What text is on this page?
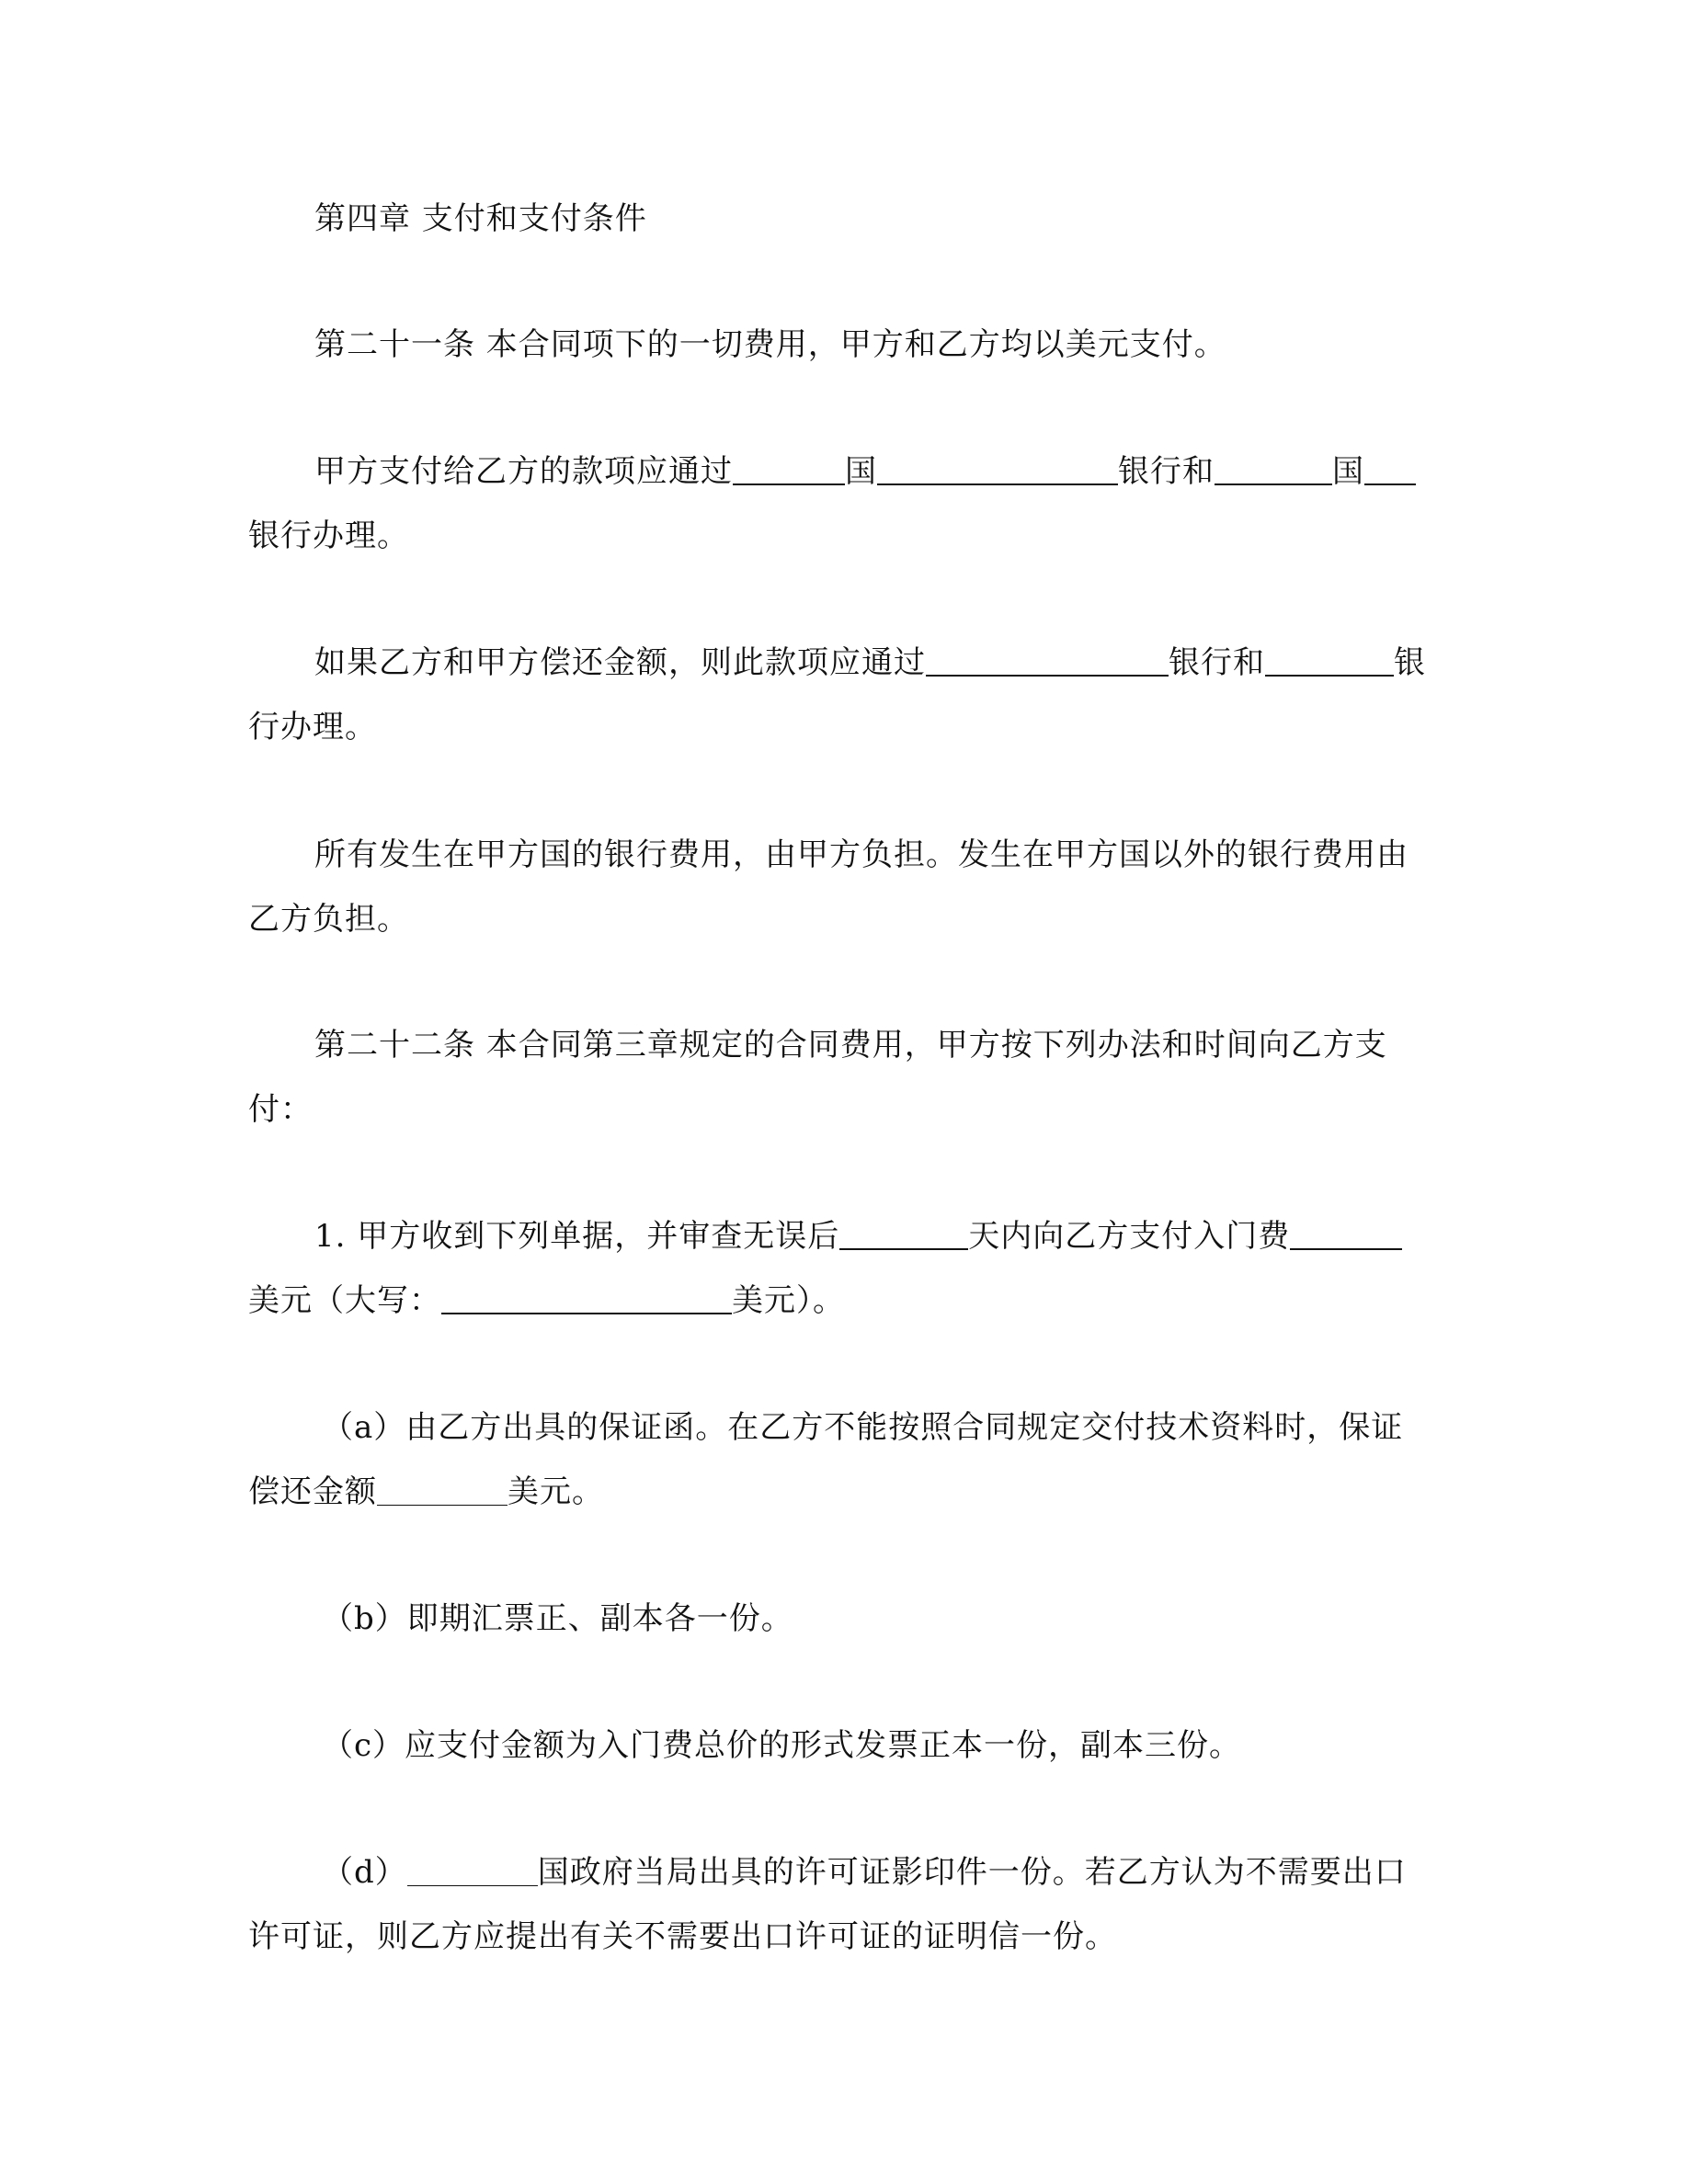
第四章 支付和支付条件

第二十一条 本合同项下的一切费用，甲方和乙方均以美元支付。

甲方支付给乙方的款项应通过	国	银行和	国银行办理。

如果乙方和甲方偿还金额，则此款项应通过	银行和	银行办理。

所有发生在甲方国的银行费用，由甲方负担。发生在甲方国以外的银行费用由乙方负担。

第二十二条 本合同第三章规定的合同费用，甲方按下列办法和时间向乙方支付：

1. 甲方收到下列单据，并审查无误后	天内向乙方支付入门费美元（大写：	美元）。

（a）由乙方出具的保证函。在乙方不能按照合同规定交付技术资料时，保证偿还金额	美元。

（b）即期汇票正、副本各一份。

（c）应支付金额为入门费总价的形式发票正本一份，副本三份。

（d）	国政府当局出具的许可证影印件一份。若乙方认为不需要出口许可证，则乙方应提出有关不需要出口许可证的证明信一份。
